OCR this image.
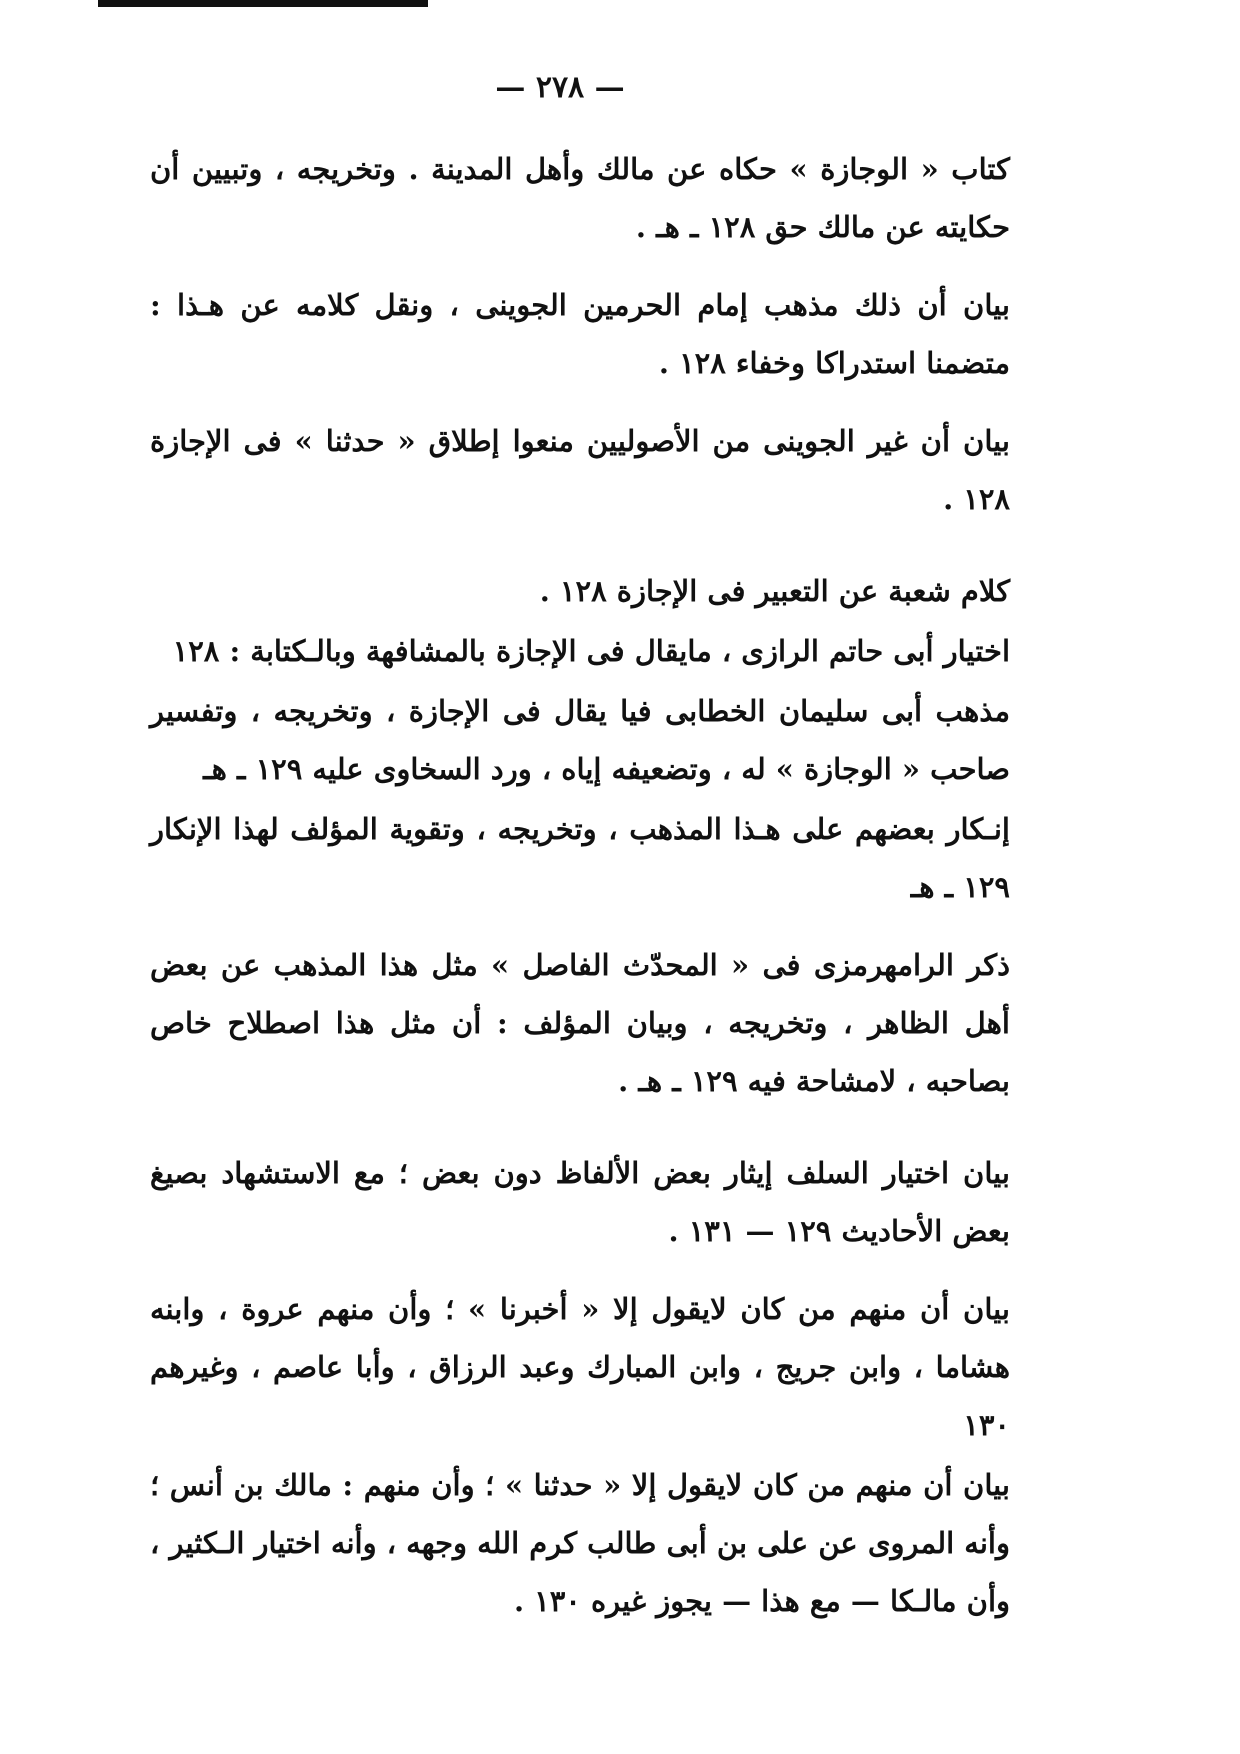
— ٢٧٨ —

كتاب « الوجازة » حكاه عن مالك وأهل المدينة . وتخريجه ، وتبيين أن حكايته عن مالك حق ١٢٨ ـ هـ .

بيان أن ذلك مذهب إمام الحرمين الجوينى ، ونقل كلامه عن هـذا : متضمنا استدراكا وخفاء ١٢٨ .

بيان أن غير الجوينى من الأصوليين منعوا إطلاق « حدثنا » فى الإجازة ١٢٨ .

كلام شعبة عن التعبير فى الإجازة ١٢٨ .

اختيار أبى حاتم الرازى ، مايقال فى الإجازة بالمشافهة وبالـكتابة : ١٢٨

مذهب أبى سليمان الخطابى فيا يقال فى الإجازة ، وتخريجه ، وتفسير صاحب « الوجازة » له ، وتضعيفه إياه ، ورد السخاوى عليه ١٢٩ ـ هـ

إنـكار بعضهم على هـذا المذهب ، وتخريجه ، وتقوية المؤلف لهذا الإنكار ١٢٩ ـ هـ

ذكر الرامهرمزى فى « المحدّث الفاصل » مثل هذا المذهب عن بعض أهل الظاهر ، وتخريجه ، وبيان المؤلف : أن مثل هذا اصطلاح خاص بصاحبه ، لامشاحة فيه ١٢٩ ـ هـ .

بيان اختيار السلف إيثار بعض الألفاظ دون بعض ؛ مع الاستشهاد بصيغ بعض الأحاديث ١٢٩ — ١٣١ .

بيان أن منهم من كان لايقول إلا « أخبرنا » ؛ وأن منهم عروة ، وابنه هشاما ، وابن جريج ، وابن المبارك وعبد الرزاق ، وأبا عاصم ، وغيرهم ١٣٠

بيان أن منهم من كان لايقول إلا « حدثنا » ؛ وأن منهم : مالك بن أنس ؛ وأنه المروى عن على بن أبى طالب كرم الله وجهه ، وأنه اختيار الـكثير ، وأن مالـكا — مع هذا — يجوز غيره ١٣٠ .
